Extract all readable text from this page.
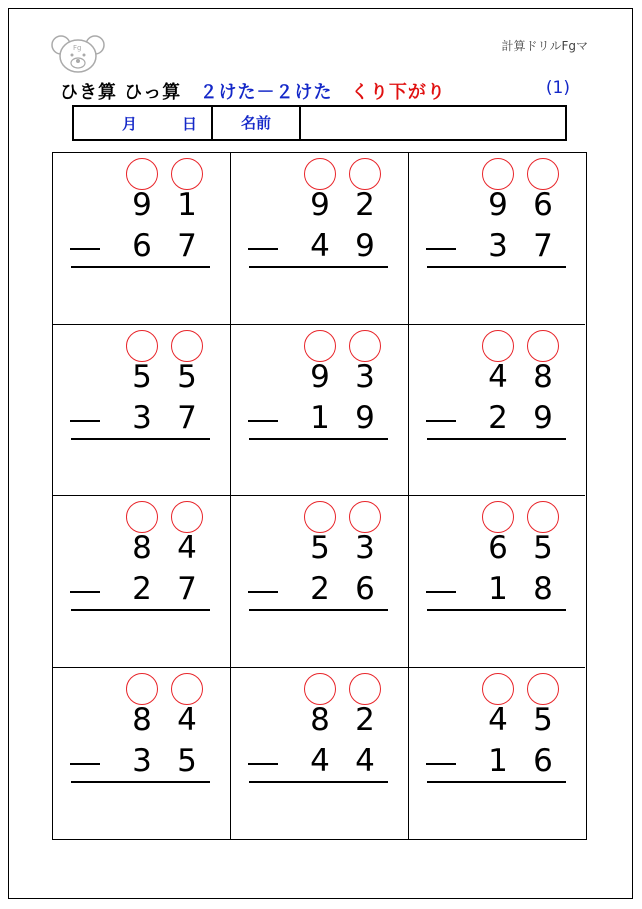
Fg	計算ドリルFgマ
ひき算 ひっ算 ２けた－２けた くり下がり	(1)
月	日	名前
9 1
6 7
9 2
4 9
9 6
3 7
5 5
3 7
9 3
1 9
4 8
2 9
8 4
2 7
5 3
2 6
6 5
1 8
8 4
3 5
8 2
4 4
4 5
1 6
